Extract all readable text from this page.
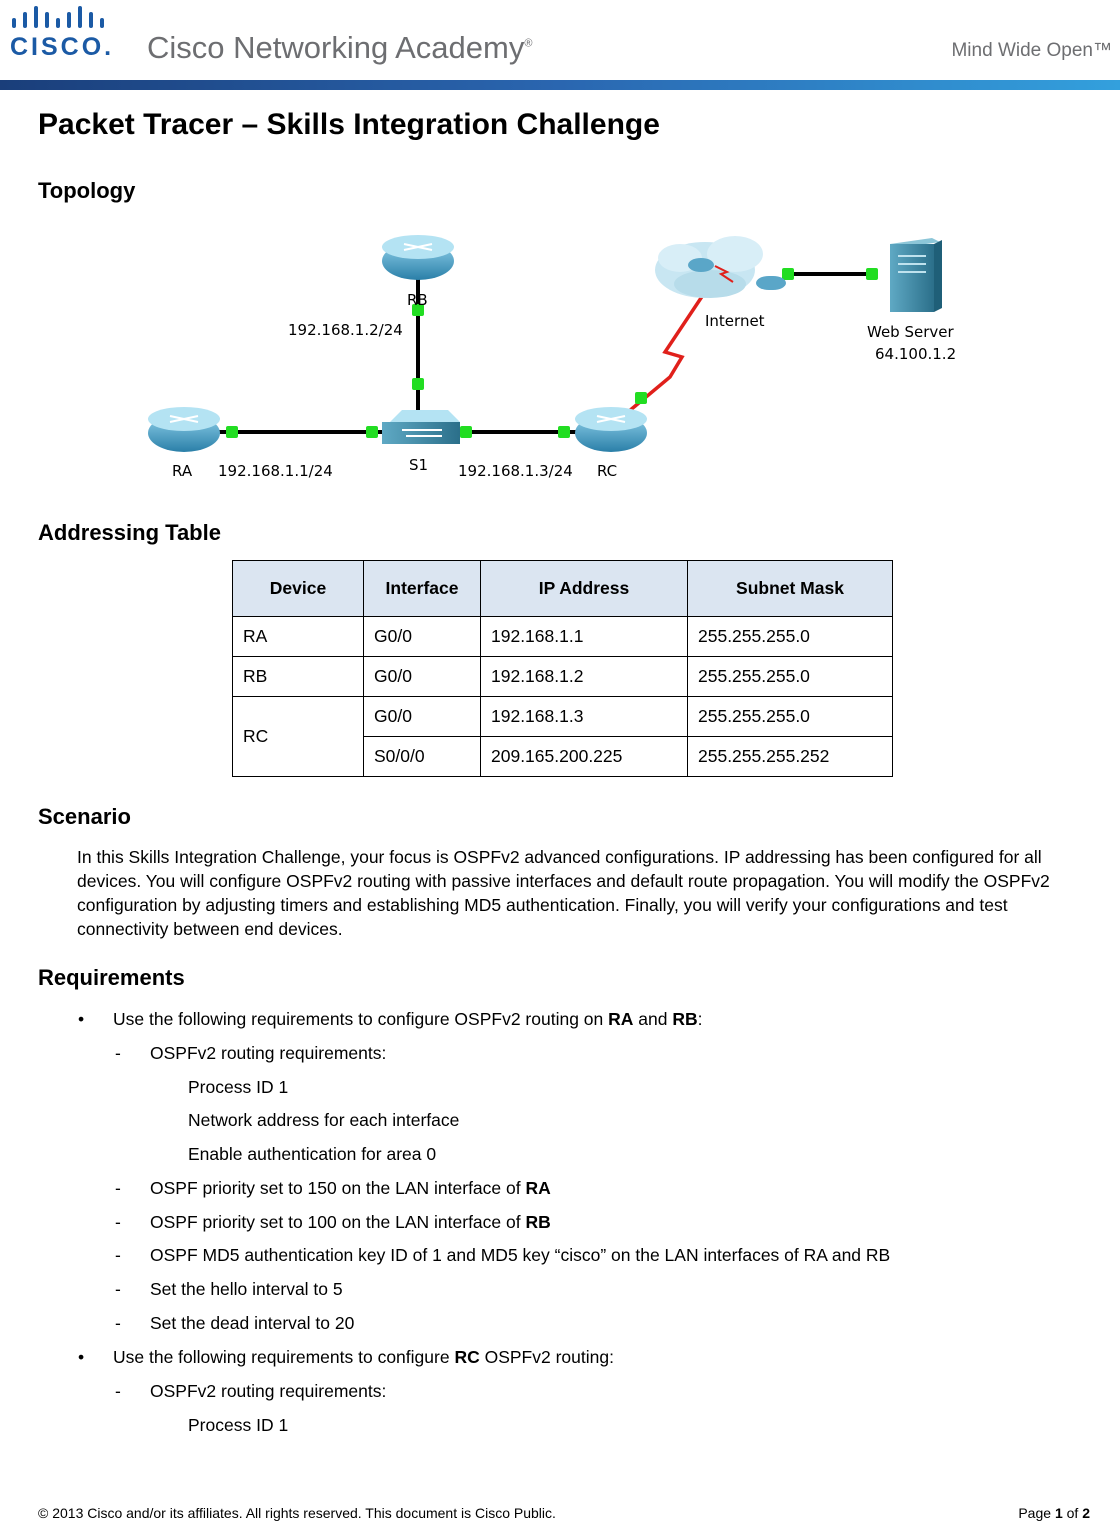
CISCO. Cisco Networking Academy®	Mind Wide Open™
Packet Tracer – Skills Integration Challenge
Topology
RB
192.168.1.2/24	Internet
Web Server
64.100.1.2
RA 192.168.1.1/24	S1 192.168.1.3/24 RC
Addressing Table
Device	Interface	IP Address	Subnet Mask
RA	G0/0	192.168.1.1	255.255.255.0
RB	G0/0	192.168.1.2	255.255.255.0
RC	G0/0	192.168.1.3	255.255.255.0
	S0/0/0	209.165.200.225	255.255.255.252
Scenario

In this Skills Integration Challenge, your focus is OSPFv2 advanced configurations. IP addressing has been configured for all devices. You will configure OSPFv2 routing with passive interfaces and default route propagation. You will modify the OSPFv2 configuration by adjusting timers and establishing MD5 authentication. Finally, you will verify your configurations and test connectivity between end devices.

Requirements
• Use the following requirements to configure OSPFv2 routing on RA and RB:
- OSPFv2 routing requirements:
Process ID 1
Network address for each interface
Enable authentication for area 0
- OSPF priority set to 150 on the LAN interface of RA
- OSPF priority set to 100 on the LAN interface of RB
- OSPF MD5 authentication key ID of 1 and MD5 key “cisco” on the LAN interfaces of RA and RB
- Set the hello interval to 5
- Set the dead interval to 20
• Use the following requirements to configure RC OSPFv2 routing:
- OSPFv2 routing requirements:
Process ID 1
© 2013 Cisco and/or its affiliates. All rights reserved. This document is Cisco Public.	Page 1 of 2
